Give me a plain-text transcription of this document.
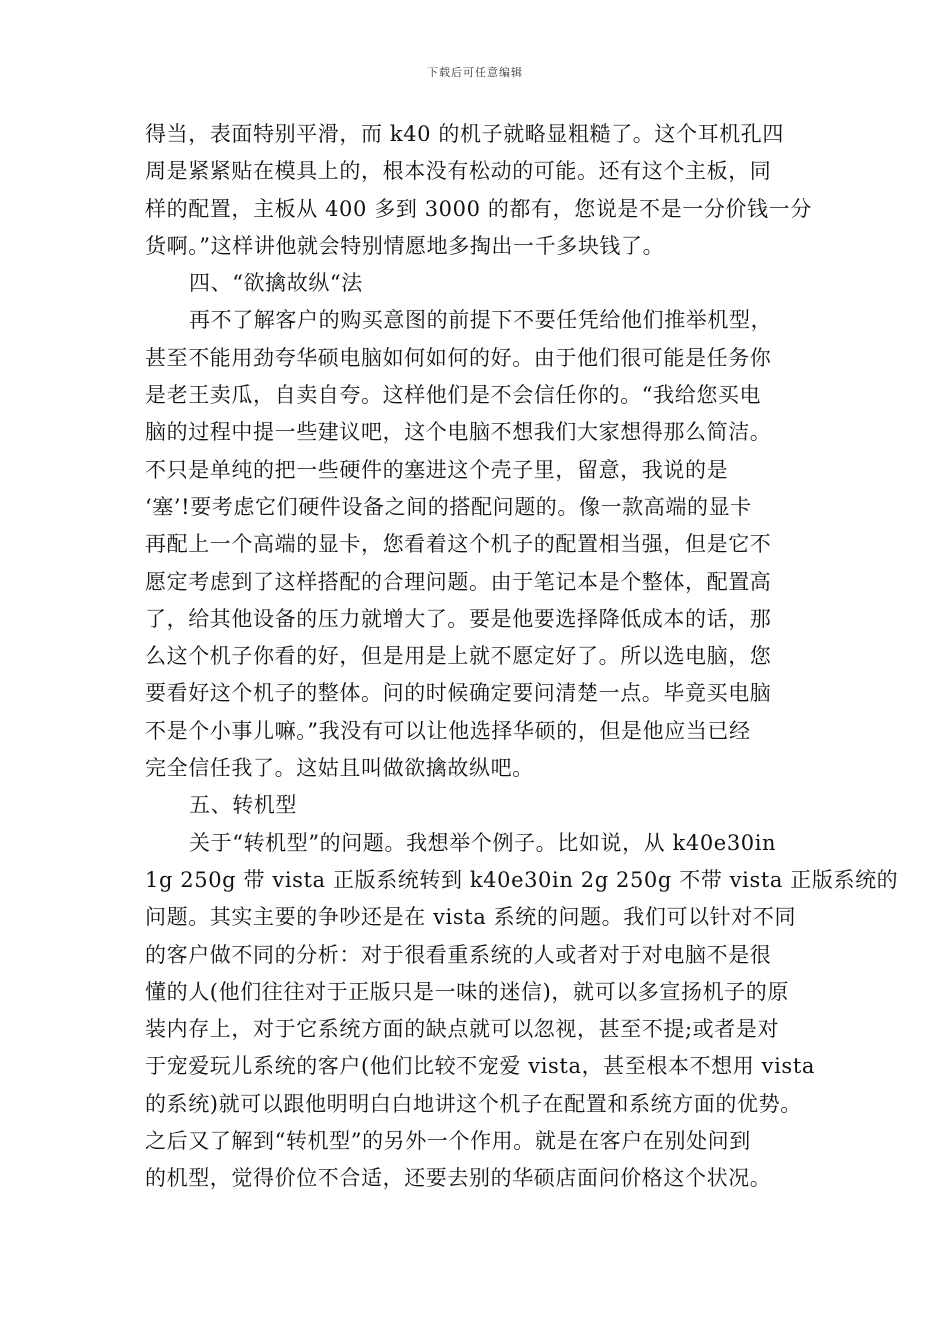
下载后可任意编辑
得当，表面特别平滑，而 k40 的机子就略显粗糙了。这个耳机孔四
周是紧紧贴在模具上的，根本没有松动的可能。还有这个主板，同
样的配置，主板从 400 多到 3000 的都有，您说是不是一分价钱一分
货啊。”这样讲他就会特别情愿地多掏出一千多块钱了。
四、“欲擒故纵“法
再不了解客户的购买意图的前提下不要任凭给他们推举机型，
甚至不能用劲夸华硕电脑如何如何的好。由于他们很可能是任务你
是老王卖瓜，自卖自夸。这样他们是不会信任你的。“我给您买电
脑的过程中提一些建议吧，这个电脑不想我们大家想得那么简洁。
不只是单纯的把一些硬件的塞进这个壳子里，留意，我说的是
‘塞’!要考虑它们硬件设备之间的搭配问题的。像一款高端的显卡
再配上一个高端的显卡，您看着这个机子的配置相当强，但是它不
愿定考虑到了这样搭配的合理问题。由于笔记本是个整体，配置高
了，给其他设备的压力就增大了。要是他要选择降低成本的话，那
么这个机子你看的好，但是用是上就不愿定好了。所以选电脑，您
要看好这个机子的整体。问的时候确定要问清楚一点。毕竟买电脑
不是个小事儿嘛。”我没有可以让他选择华硕的，但是他应当已经
完全信任我了。这姑且叫做欲擒故纵吧。
五、转机型
关于“转机型”的问题。我想举个例子。比如说，从 k40e30in
1g 250g 带 vista 正版系统转到 k40e30in 2g 250g 不带 vista 正版系统的
问题。其实主要的争吵还是在 vista 系统的问题。我们可以针对不同
的客户做不同的分析：对于很看重系统的人或者对于对电脑不是很
懂的人(他们往往对于正版只是一味的迷信)，就可以多宣扬机子的原
装内存上，对于它系统方面的缺点就可以忽视，甚至不提;或者是对
于宠爱玩儿系统的客户(他们比较不宠爱 vista，甚至根本不想用 vista
的系统)就可以跟他明明白白地讲这个机子在配置和系统方面的优势。
之后又了解到“转机型”的另外一个作用。就是在客户在别处问到
的机型，觉得价位不合适，还要去别的华硕店面问价格这个状况。
